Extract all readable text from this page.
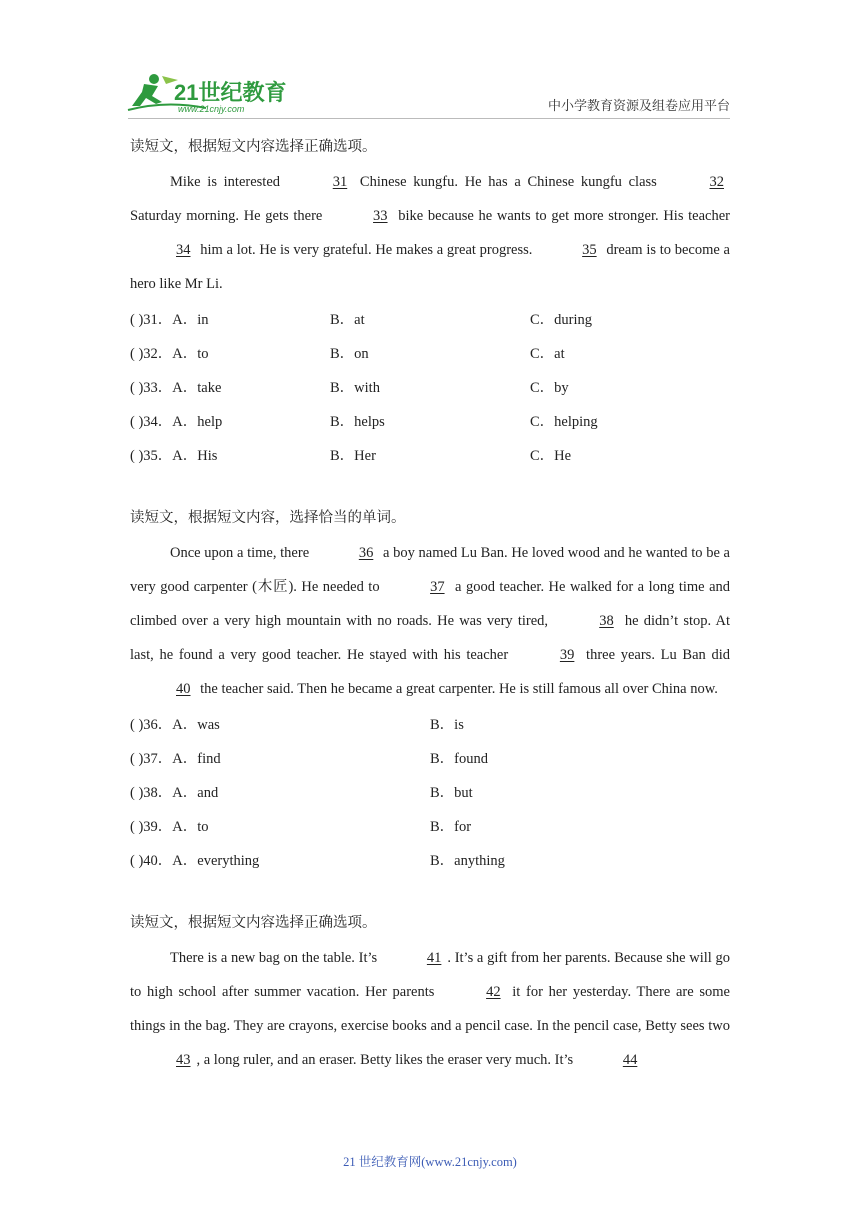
21世纪教育
www.21cnjy.com	中小学教育资源及组卷应用平台
读短文，根据短文内容选择正确选项。

Mike is interested	31 Chinese kungfu. He has a Chinese kungfu class	32 Saturday morning. He gets there	33 bike because he wants to get more stronger. His teacher 34 him a lot. He is very grateful. He makes a great progress.	35 dream is to become a hero like Mr Li.

( )31．A．in	B．at	C．during
( )32．A．to	B．on	C．at
( )33．A．take	B．with	C．by
( )34．A．help	B．helps	C．helping
( )35．A．His	B．Her	C．He
读短文，根据短文内容，选择恰当的单词。

Once upon a time, there	36 a boy named Lu Ban. He loved wood and he wanted to be a very good carpenter (木匠). He needed to	37 a good teacher. He walked for a long time and climbed over a very high mountain with no roads. He was very tired,	38 he didn’t stop. At last, he found a very good teacher. He stayed with his teacher	39 three years. Lu Ban did 40 the teacher said. Then he became a great carpenter. He is still famous all over China now.

( )36．A．was	B．is
( )37．A．find	B．found
( )38．A．and	B．but
( )39．A．to	B．for
( )40．A．everything	B．anything
读短文，根据短文内容选择正确选项。

There is a new bag on the table. It’s	41 . It’s a gift from her parents. Because she will go to high school after summer vacation. Her parents	42 it for her yesterday. There are some things in the bag. They are crayons, exercise books and a pencil case. In the pencil case, Betty sees two 43 , a long ruler, and an eraser. Betty likes the eraser very much. It’s	44

21 世纪教育网(www.21cnjy.com)
